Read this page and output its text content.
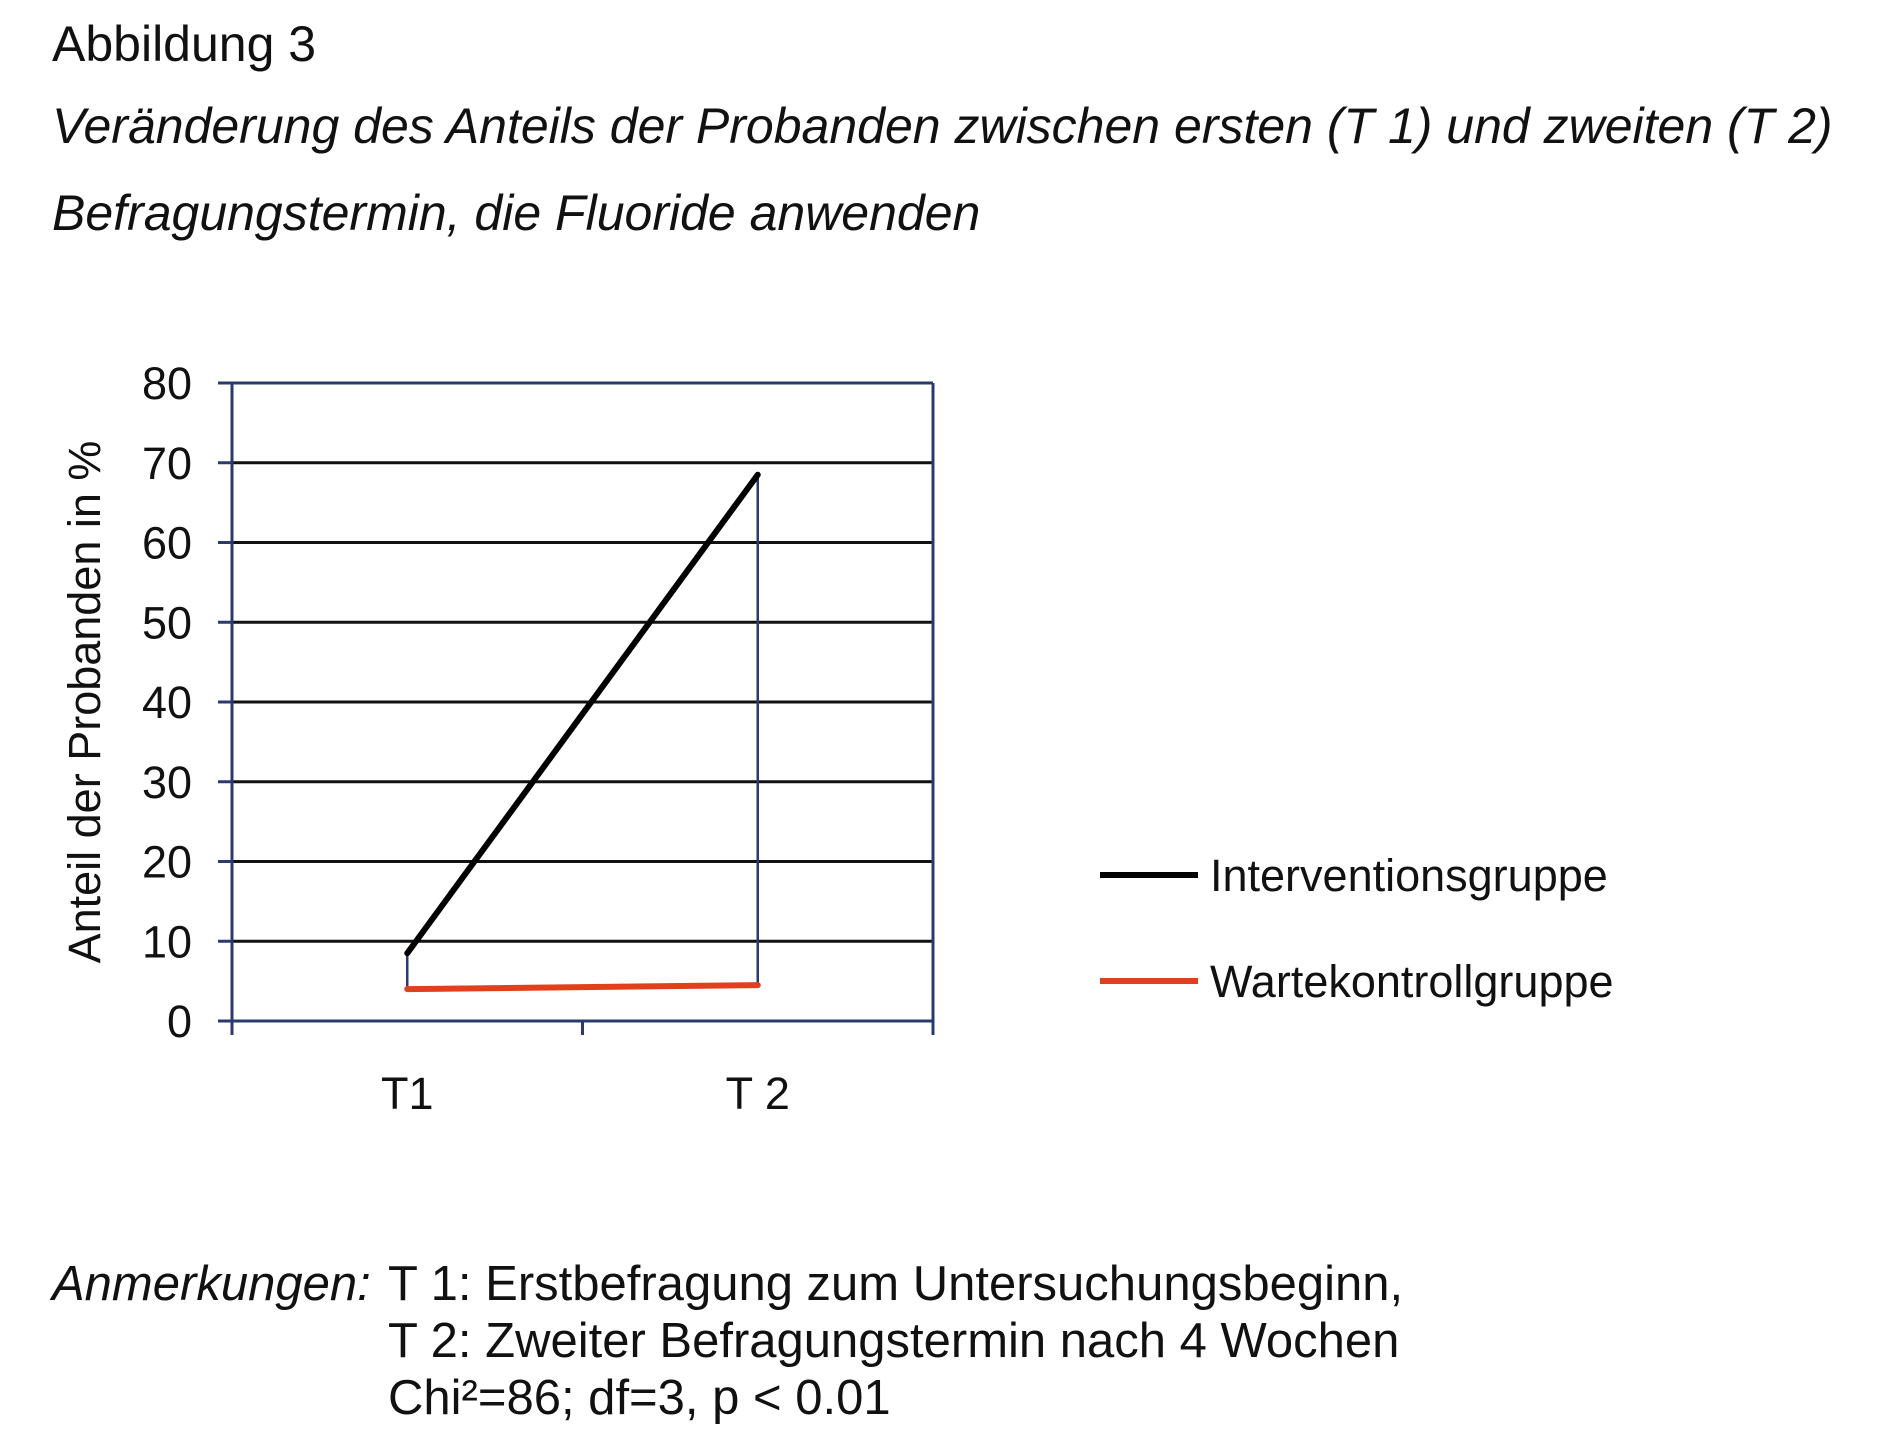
Abbildung 3
Veränderung des Anteils der Probanden zwischen ersten (T 1) und zweiten (T 2)
Befragungstermin, die Fluoride anwenden
0
10
20
30
40
50
60
70
80
T1	T 2
Anteil der Probanden in %	Interventionsgruppe
Wartekontrollgruppe
Anmerkungen: T 1: Erstbefragung zum Untersuchungsbeginn,
T 2: Zweiter Befragungstermin nach 4 Wochen
Chi²=86; df=3, p < 0.01
